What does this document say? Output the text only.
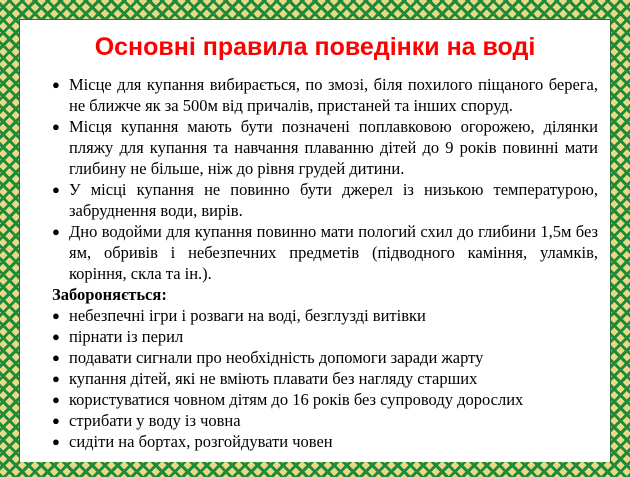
Основні правила поведінки на воді
● Місце для купання вибирається, по змозі, біля похилого піщаного берега, не ближче як за 500м від причалів, пристаней та інших споруд.
● Місця купання мають бути позначені поплавковою огорожею, ділянки пляжу для купання та навчання плаванню дітей до 9 років повинні мати глибину не більше, ніж до рівня грудей дитини.
● У місці купання не повинно бути джерел із низькою температурою, забруднення води, вирів.
● Дно водойми для купання повинно мати пологий схил до глибини 1,5м без ям, обривів і небезпечних предметів (підводного каміння, уламків, коріння, скла та ін.).

Забороняється:

● небезпечні ігри і розваги на воді, безглузді витівки
● пірнати із перил
● подавати сигнали про необхідність допомоги заради жарту
● купання дітей, які не вміють плавати без нагляду старших
● користуватися човном дітям до 16 років без супроводу дорослих
● стрибати у воду із човна
● сидіти на бортах, розгойдувати човен
